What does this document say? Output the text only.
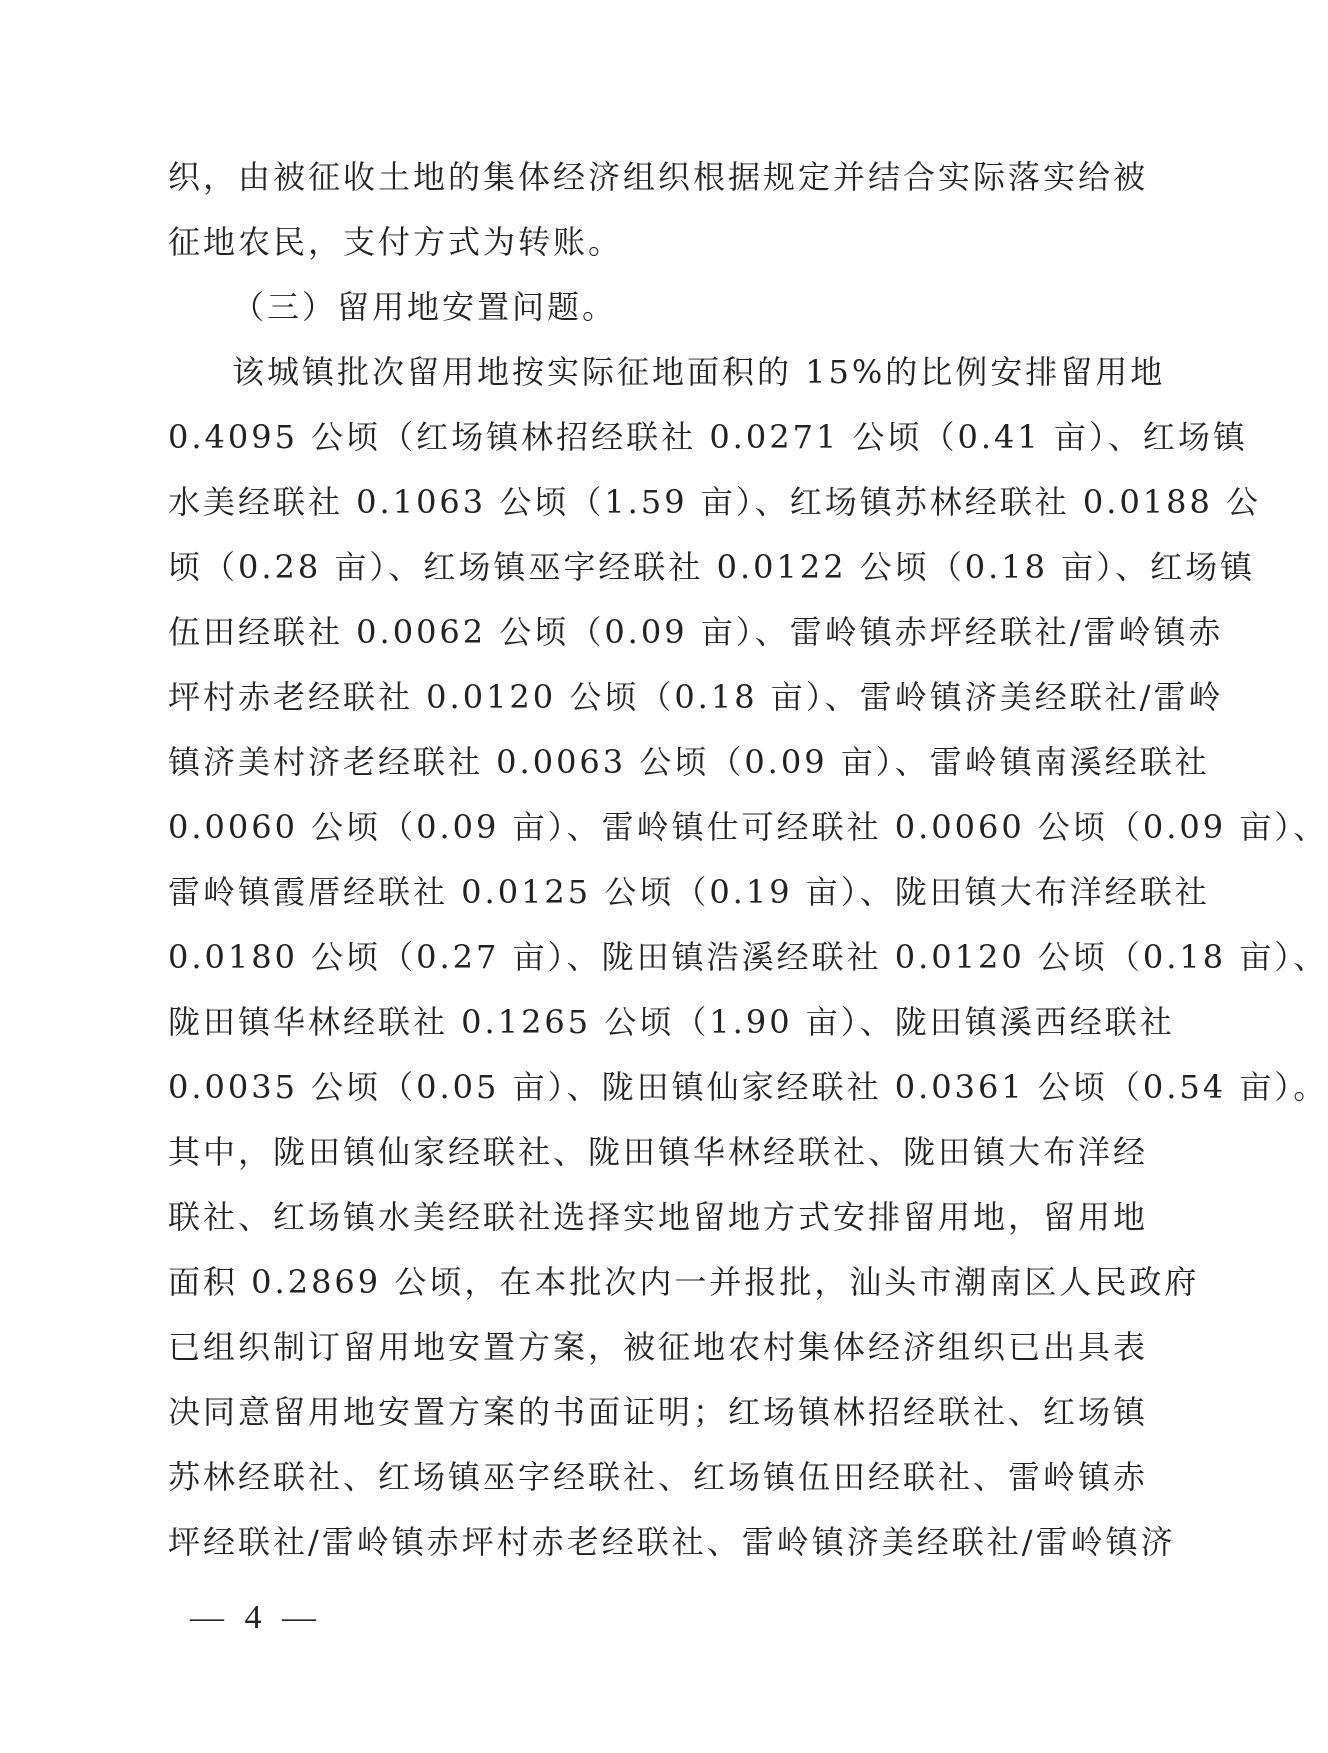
织，由被征收土地的集体经济组织根据规定并结合实际落实给被
征地农民，支付方式为转账。
（三）留用地安置问题。
该城镇批次留用地按实际征地面积的 15%的比例安排留用地
0.4095 公顷（红场镇林招经联社 0.0271 公顷（0.41 亩）、红场镇
水美经联社 0.1063 公顷（1.59 亩）、红场镇苏林经联社 0.0188 公
顷（0.28 亩）、红场镇巫字经联社 0.0122 公顷（0.18 亩）、红场镇
伍田经联社 0.0062 公顷（0.09 亩）、雷岭镇赤坪经联社/雷岭镇赤
坪村赤老经联社 0.0120 公顷（0.18 亩）、雷岭镇济美经联社/雷岭
镇济美村济老经联社 0.0063 公顷（0.09 亩）、雷岭镇南溪经联社
0.0060 公顷（0.09 亩）、雷岭镇仕可经联社 0.0060 公顷（0.09 亩）、
雷岭镇霞厝经联社 0.0125 公顷（0.19 亩）、陇田镇大布洋经联社
0.0180 公顷（0.27 亩）、陇田镇浩溪经联社 0.0120 公顷（0.18 亩）、
陇田镇华林经联社 0.1265 公顷（1.90 亩）、陇田镇溪西经联社
0.0035 公顷（0.05 亩）、陇田镇仙家经联社 0.0361 公顷（0.54 亩）。
其中，陇田镇仙家经联社、陇田镇华林经联社、陇田镇大布洋经
联社、红场镇水美经联社选择实地留地方式安排留用地，留用地
面积 0.2869 公顷，在本批次内一并报批，汕头市潮南区人民政府
已组织制订留用地安置方案，被征地农村集体经济组织已出具表
决同意留用地安置方案的书面证明；红场镇林招经联社、红场镇
苏林经联社、红场镇巫字经联社、红场镇伍田经联社、雷岭镇赤
坪经联社/雷岭镇赤坪村赤老经联社、雷岭镇济美经联社/雷岭镇济
— 4 —
